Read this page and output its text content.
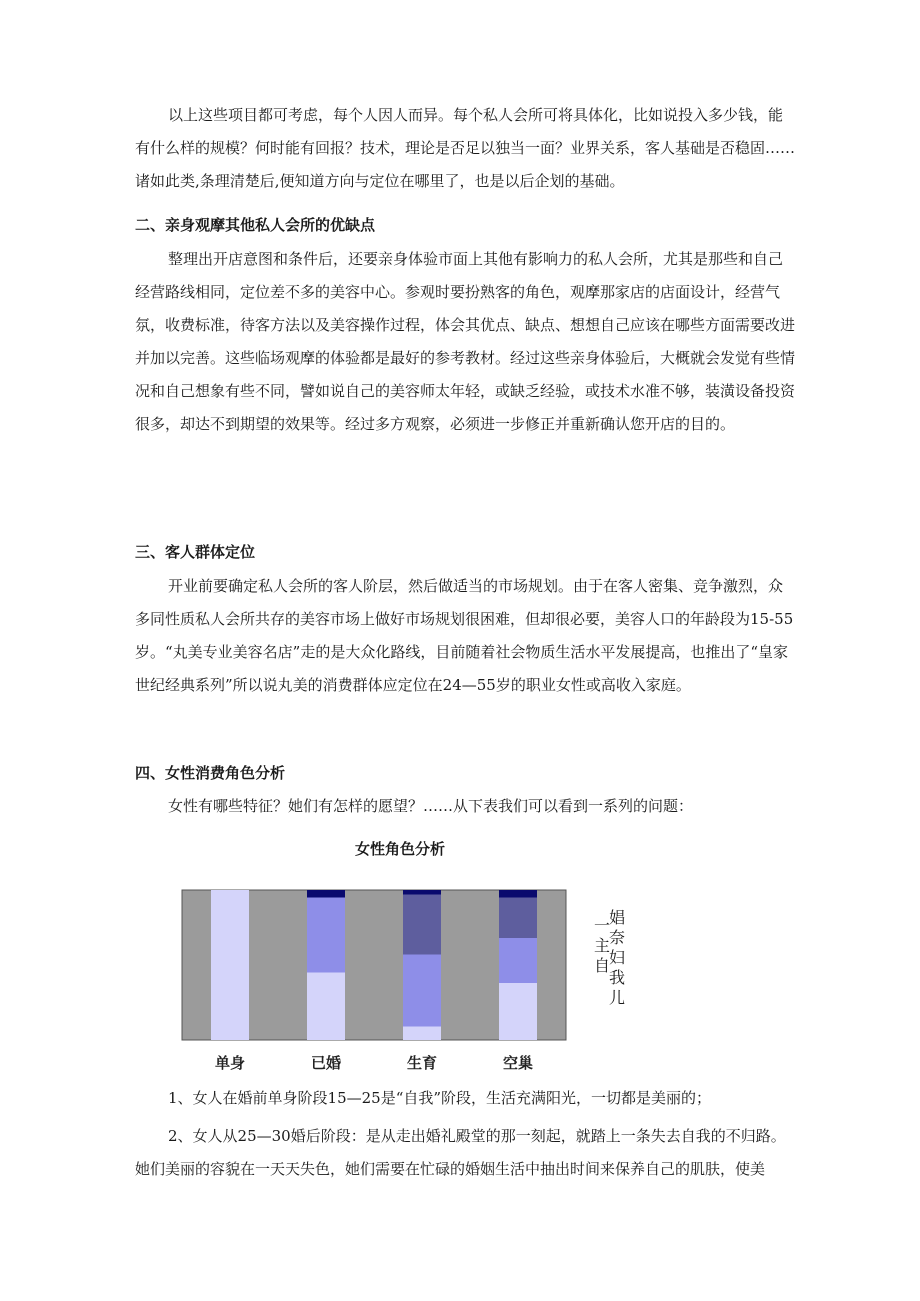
以上这些项目都可考虑，每个人因人而异。每个私人会所可将具体化，比如说投入多少钱，能有什么样的规模？何时能有回报？技术，理论是否足以独当一面？业界关系，客人基础是否稳固……诸如此类,条理清楚后,便知道方向与定位在哪里了，也是以后企划的基础。

二、亲身观摩其他私人会所的优缺点

整理出开店意图和条件后，还要亲身体验市面上其他有影响力的私人会所，尤其是那些和自己经营路线相同，定位差不多的美容中心。参观时要扮熟客的角色，观摩那家店的店面设计，经营气氛，收费标准，待客方法以及美容操作过程，体会其优点、缺点、想想自己应该在哪些方面需要改进并加以完善。这些临场观摩的体验都是最好的参考教材。经过这些亲身体验后，大概就会发觉有些情况和自己想象有些不同，譬如说自己的美容师太年轻，或缺乏经验，或技术水准不够，装潢设备投资很多，却达不到期望的效果等。经过多方观察，必须进一步修正并重新确认您开店的目的。

三、客人群体定位

开业前要确定私人会所的客人阶层，然后做适当的市场规划。由于在客人密集、竞争激烈，众多同性质私人会所共存的美容市场上做好市场规划很困难，但却很必要，美容人口的年龄段为15-55岁。“丸美专业美容名店”走的是大众化路线，目前随着社会物质生活水平发展提高，也推出了“皇家世纪经典系列”所以说丸美的消费群体应定位在24—55岁的职业女性或高收入家庭。

四、女性消费角色分析

女性有哪些特征？她们有怎样的愿望？……从下表我们可以看到一系列的问题：

女性角色分析
单身	已婚	生育	空巢
一主自
娼奈妇我儿

1、女人在婚前单身阶段15—25是“自我”阶段，生活充满阳光，一切都是美丽的；

2、女人从25—30婚后阶段：是从走出婚礼殿堂的那一刻起，就踏上一条失去自我的不归路。她们美丽的容貌在一天天失色，她们需要在忙碌的婚姻生活中抽出时间来保养自己的肌肤，使美
